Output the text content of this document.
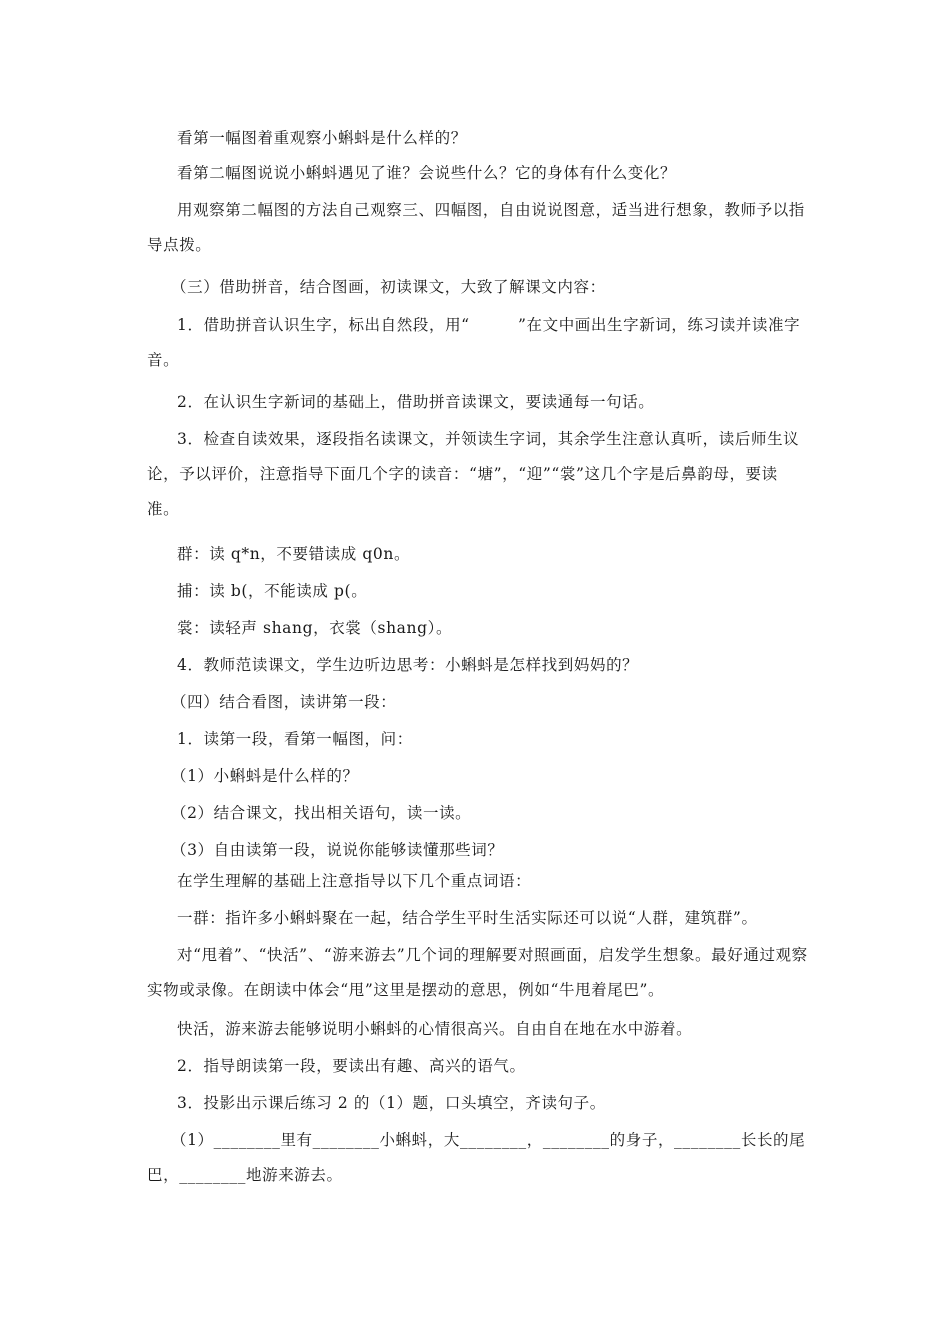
看第一幅图着重观察小蝌蚪是什么样的？
看第二幅图说说小蝌蚪遇见了谁？会说些什么？它的身体有什么变化？
用观察第二幅图的方法自己观察三、四幅图，自由说说图意，适当进行想象，教师予以指导点拨。
（三）借助拼音，结合图画，初读课文，大致了解课文内容：
1．借助拼音认识生字，标出自然段，用“　　　”在文中画出生字新词，练习读并读准字音。
2．在认识生字新词的基础上，借助拼音读课文，要读通每一句话。
3．检查自读效果，逐段指名读课文，并领读生字词，其余学生注意认真听，读后师生议论，予以评价，注意指导下面几个字的读音：“塘”，“迎”“裳”这几个字是后鼻韵母，要读准。
群：读 q*n，不要错读成 q0n。
捕：读 b(，不能读成 p(。
裳：读轻声 shang，衣裳（shang）。
4．教师范读课文，学生边听边思考：小蝌蚪是怎样找到妈妈的？
（四）结合看图，读讲第一段：
1．读第一段，看第一幅图，问：
（1）小蝌蚪是什么样的？
（2）结合课文，找出相关语句，读一读。
（3）自由读第一段，说说你能够读懂那些词？
在学生理解的基础上注意指导以下几个重点词语：
一群：指许多小蝌蚪聚在一起，结合学生平时生活实际还可以说“人群，建筑群”。
对“甩着”、“快活”、“游来游去”几个词的理解要对照画面，启发学生想象。最好通过观察实物或录像。在朗读中体会“甩”这里是摆动的意思，例如“牛甩着尾巴”。
快活，游来游去能够说明小蝌蚪的心情很高兴。自由自在地在水中游着。
2．指导朗读第一段，要读出有趣、高兴的语气。
3．投影出示课后练习 2 的（1）题，口头填空，齐读句子。
（1）________里有________小蝌蚪，大________，________的身子，________长长的尾巴，________地游来游去。
